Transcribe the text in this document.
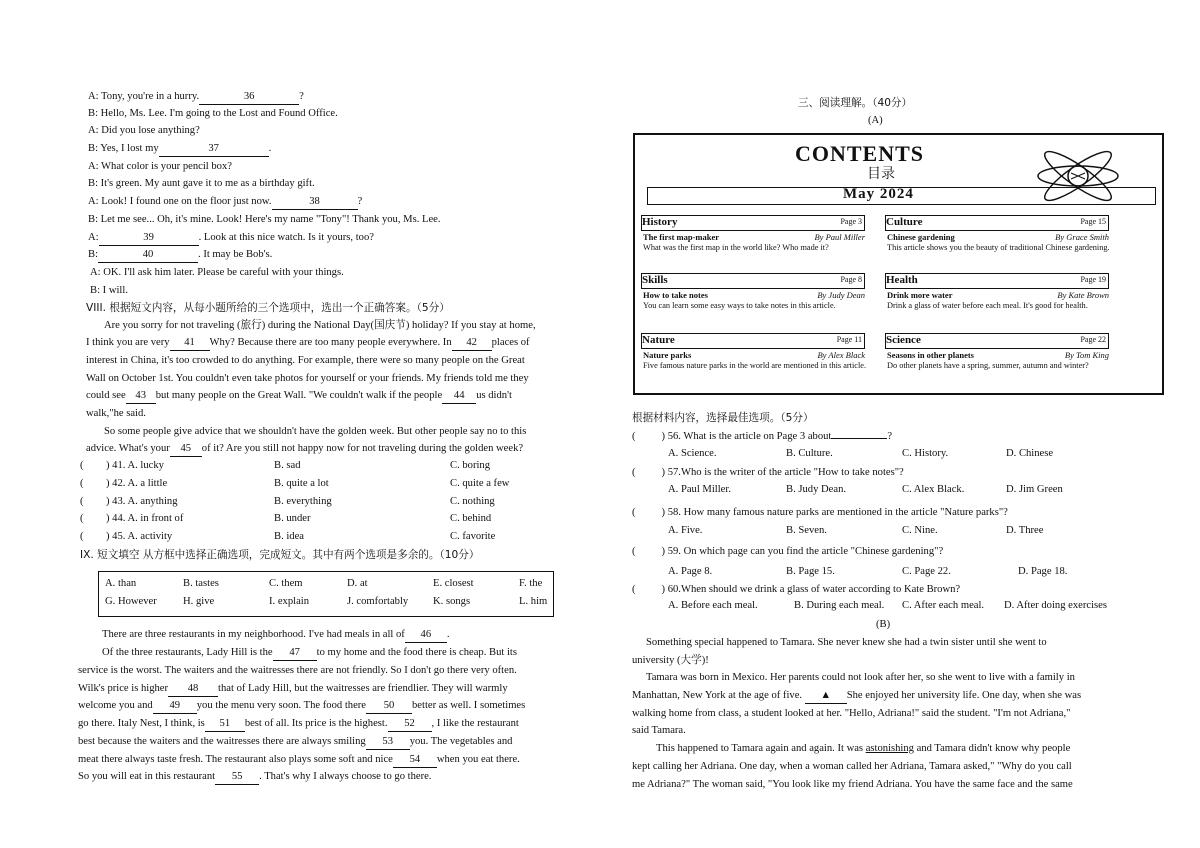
A: Tony, you're in a hurry.	36	?
B: Hello, Ms. Lee. I'm going to the Lost and Found Office.
A: Did you lose anything?
B: Yes, I lost my	37	.
A: What color is your pencil box?
B: It's green. My aunt gave it to me as a birthday gift.
A: Look! I found one on the floor just now.	38	?
B: Let me see... Oh, it's mine. Look! Here's my name "Tony"! Thank you, Ms. Lee.
A:	39	. Look at this nice watch. Is it yours, too?
B:	40	. It may be Bob's.
A: OK. I'll ask him later. Please be careful with your things.
B: I will.
VIII. 根据短文内容，从每小题所给的三个选项中，选出一个正确答案。（5分）
Are you sorry for not traveling (旅行) during the National Day(国庆节) holiday? If you stay at home,
I think you are very 41 Why? Because there are too many people everywhere. In 42 places of
interest in China, it's too crowded to do anything. For example, there were so many people on the Great
Wall on October 1st. You couldn't even take photos for yourself or your friends. My friends told me they
could see 43 but many people on the Great Wall. "We couldn't walk if the people 44 us didn't
walk,"he said.
So some people give advice that we shouldn't have the golden week. But other people say no to this
advice. What's your 45 of it? Are you still not happy now for not traveling during the golden week?
( ) 41. A. lucky	B. sad	C. boring
( ) 42. A. a little	B. quite a lot	C. quite a few
( ) 43. A. anything	B. everything	C. nothing
( ) 44. A. in front of	B. under	C. behind
( ) 45. A. activity	B. idea	C. favorite
IX. 短文填空 从方框中选择正确选项，完成短文。其中有两个选项是多余的。（10分）
A. than	B. tastes	C. them	D. at	E. closest	F. the
G. However H. give	I. explain	J. comfortably K. songs	L. him
There are three restaurants in my neighborhood. I've had meals in all of 46 .
Of the three restaurants, Lady Hill is the 47 to my home and the food there is cheap. But its
service is the worst. The waiters and the waitresses there are not friendly. So I don't go there very often.
Wilk's price is higher 48 that of Lady Hill, but the waitresses are friendlier. They will warmly
welcome you and 49 you the menu very soon. The food there 50 better as well. I sometimes
go there. Italy Nest, I think, is 51 best of all. Its price is the highest. 52 , I like the restaurant
best because the waiters and the waitresses there are always smiling 53 you. The vegetables and
meat there always taste fresh. The restaurant also plays some soft and nice 54 when you eat there.
So you will eat in this restaurant 55 . That's why I always choose to go there.
三、阅读理解。（40分）
(A)
CONTENTS
目录
May 2024
History	Page 3
The first map-maker	By Paul Miller
What was the first map in the world like? Who made it?
Culture	Page 15
Chinese gardening	By Grace Smith
This article shows you the beauty of traditional Chinese gardening.
Skills	Page 8
How to take notes	By Judy Dean
You can learn some easy ways to take notes in this article.
Health	Page 19
Drink more water	By Kate Brown
Drink a glass of water before each meal. It's good for health.
Nature	Page 11
Nature parks	By Alex Black
Five famous nature parks in the world are mentioned in this article.
Science	Page 22
Seasons in other planets	By Tom King
Do other planets have a spring, summer, autumn and winter?
根据材料内容，选择最佳选项。（5分）
( ) 56. What is the article on Page 3 about	?
A. Science.	B. Culture.	C. History.	D. Chinese
( ) 57.Who is the writer of the article "How to take notes"?
A. Paul Miller.	B. Judy Dean.	C. Alex Black.	D. Jim Green
( ) 58. How many famous nature parks are mentioned in the article "Nature parks"?
A. Five.	B. Seven.	C. Nine.	D. Three
( ) 59. On which page can you find the article "Chinese gardening"?
A. Page 8.	B. Page 15.	C. Page 22.	D. Page 18.
( ) 60.When should we drink a glass of water according to Kate Brown?
A. Before each meal.	B. During each meal. C. After each meal. D. After doing exercises
(B)
Something special happened to Tamara. She never knew she had a twin sister until she went to
university (大学)!
Tamara was born in Mexico. Her parents could not look after her, so she went to live with a family in
Manhattan, New York at the age of five. ▲ She enjoyed her university life. One day, when she was
walking home from class, a student looked at her. "Hello, Adriana!" said the student. "I'm not Adriana,"
said Tamara.
This happened to Tamara again and again. It was astonishing and Tamara didn't know why people
kept calling her Adriana. One day, when a woman called her Adriana, Tamara asked," "Why do you call
me Adriana?" The woman said, "You look like my friend Adriana. You have the same face and the same
